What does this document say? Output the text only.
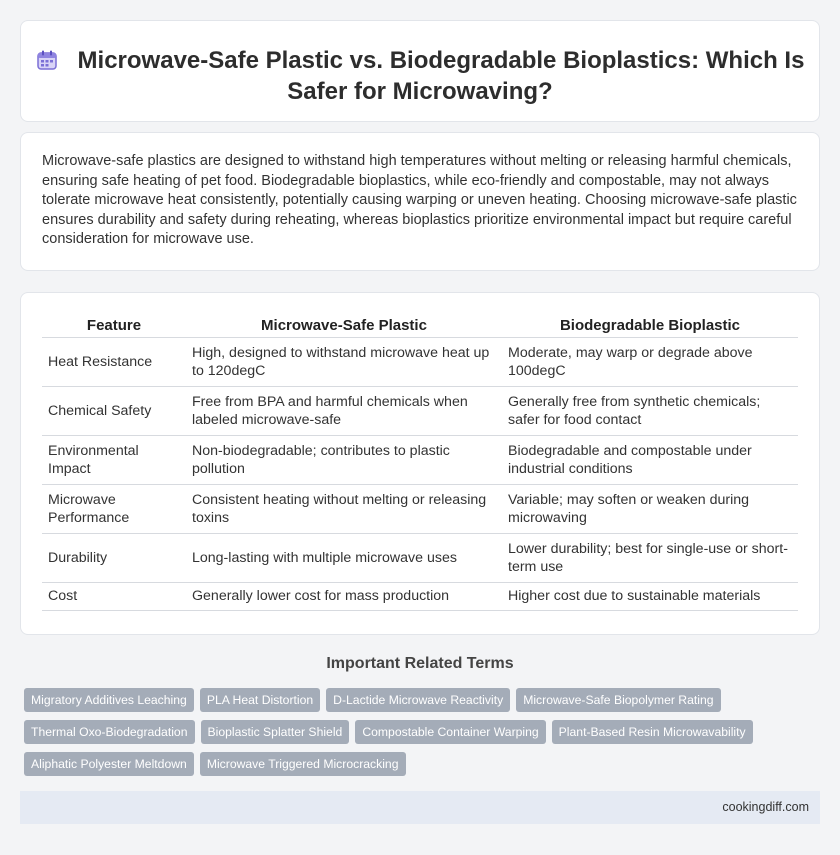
Microwave-Safe Plastic vs. Biodegradable Bioplastics: Which Is Safer for Microwaving?

Microwave-safe plastics are designed to withstand high temperatures without melting or releasing harmful chemicals, ensuring safe heating of pet food. Biodegradable bioplastics, while eco-friendly and compostable, may not always tolerate microwave heat consistently, potentially causing warping or uneven heating. Choosing microwave-safe plastic ensures durability and safety during reheating, whereas bioplastics prioritize environmental impact but require careful consideration for microwave use.

Feature	Microwave-Safe Plastic	Biodegradable Bioplastic
Heat Resistance	High, designed to withstand microwave heat up to 120degC	Moderate, may warp or degrade above 100degC
Chemical Safety	Free from BPA and harmful chemicals when labeled microwave-safe	Generally free from synthetic chemicals; safer for food contact
Environmental Impact	Non-biodegradable; contributes to plastic pollution	Biodegradable and compostable under industrial conditions
Microwave Performance	Consistent heating without melting or releasing toxins	Variable; may soften or weaken during microwaving
Durability	Long-lasting with multiple microwave uses	Lower durability; best for single-use or short-term use
Cost	Generally lower cost for mass production	Higher cost due to sustainable materials
Important Related Terms
Migratory Additives Leaching PLA Heat Distortion D-Lactide Microwave Reactivity Microwave-Safe Biopolymer Rating
Thermal Oxo-Biodegradation Bioplastic Splatter Shield Compostable Container Warping Plant-Based Resin Microwavability
Aliphatic Polyester Meltdown Microwave Triggered Microcracking
cookingdiff.com
